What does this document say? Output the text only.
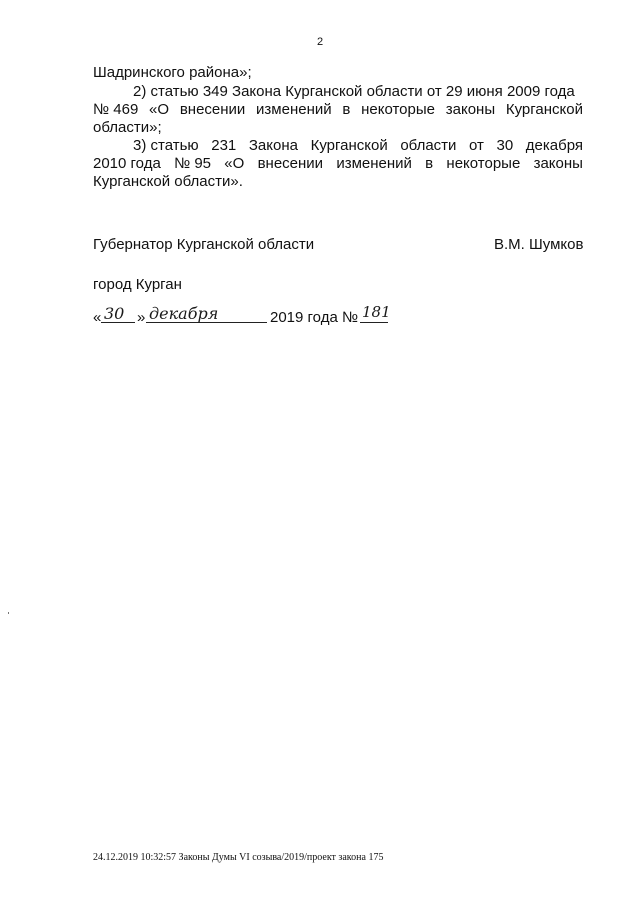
2
Шадринского района»;
2) статью 349 Закона Курганской области от 29 июня 2009 года
№ 469 «О внесении изменений в некоторые законы Курганской
области»;
3) статью 231 Закона Курганской области от 30 декабря
2010 года № 95 «О внесении изменений в некоторые законы
Курганской области».
Губернатор Курганской области	В.М. Шумков
город Курган
« 30 » декабря	2019 года № 181
24.12.2019 10:32:57 Законы Думы VI созыва/2019/проект закона 175
